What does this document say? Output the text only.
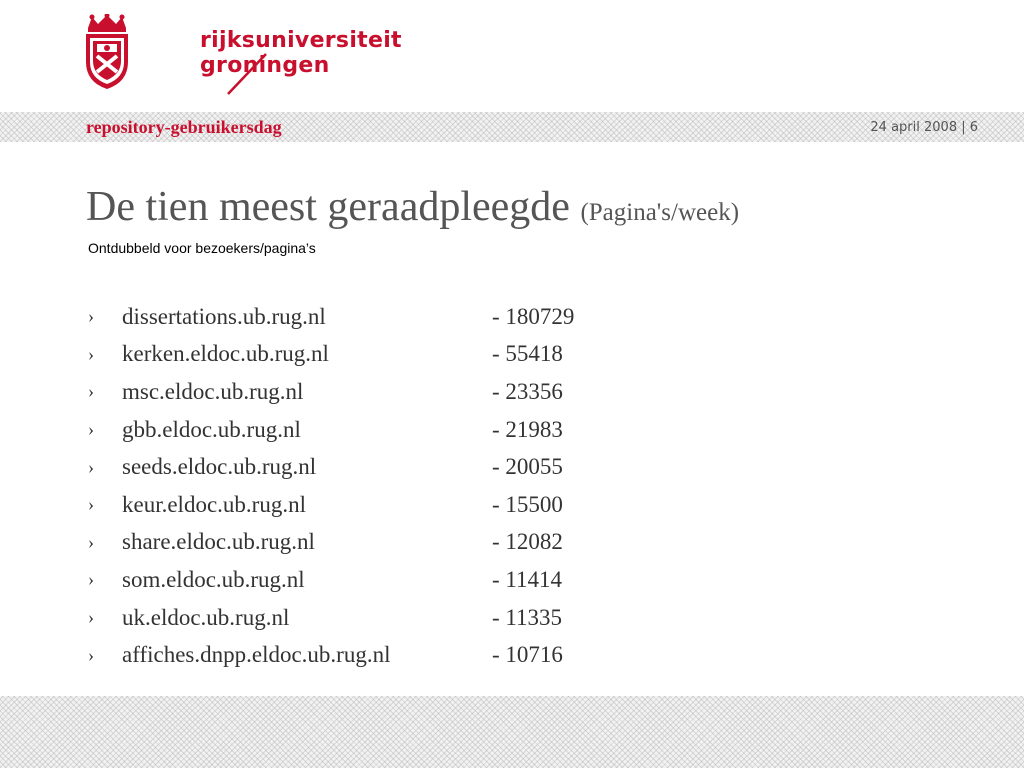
rijksuniversiteit
groningen
repository-gebruikersdag	24 april 2008 | 6
De tien meest geraadpleegde (Pagina's/week)
Ontdubbeld voor bezoekers/pagina’s
›	dissertations.ub.rug.nl	- 180729
›	kerken.eldoc.ub.rug.nl	- 55418
›	msc.eldoc.ub.rug.nl	- 23356
›	gbb.eldoc.ub.rug.nl	- 21983
›	seeds.eldoc.ub.rug.nl	- 20055
›	keur.eldoc.ub.rug.nl	- 15500
›	share.eldoc.ub.rug.nl	- 12082
›	som.eldoc.ub.rug.nl	- 11414
›	uk.eldoc.ub.rug.nl	- 11335
›	affiches.dnpp.eldoc.ub.rug.nl	- 10716
